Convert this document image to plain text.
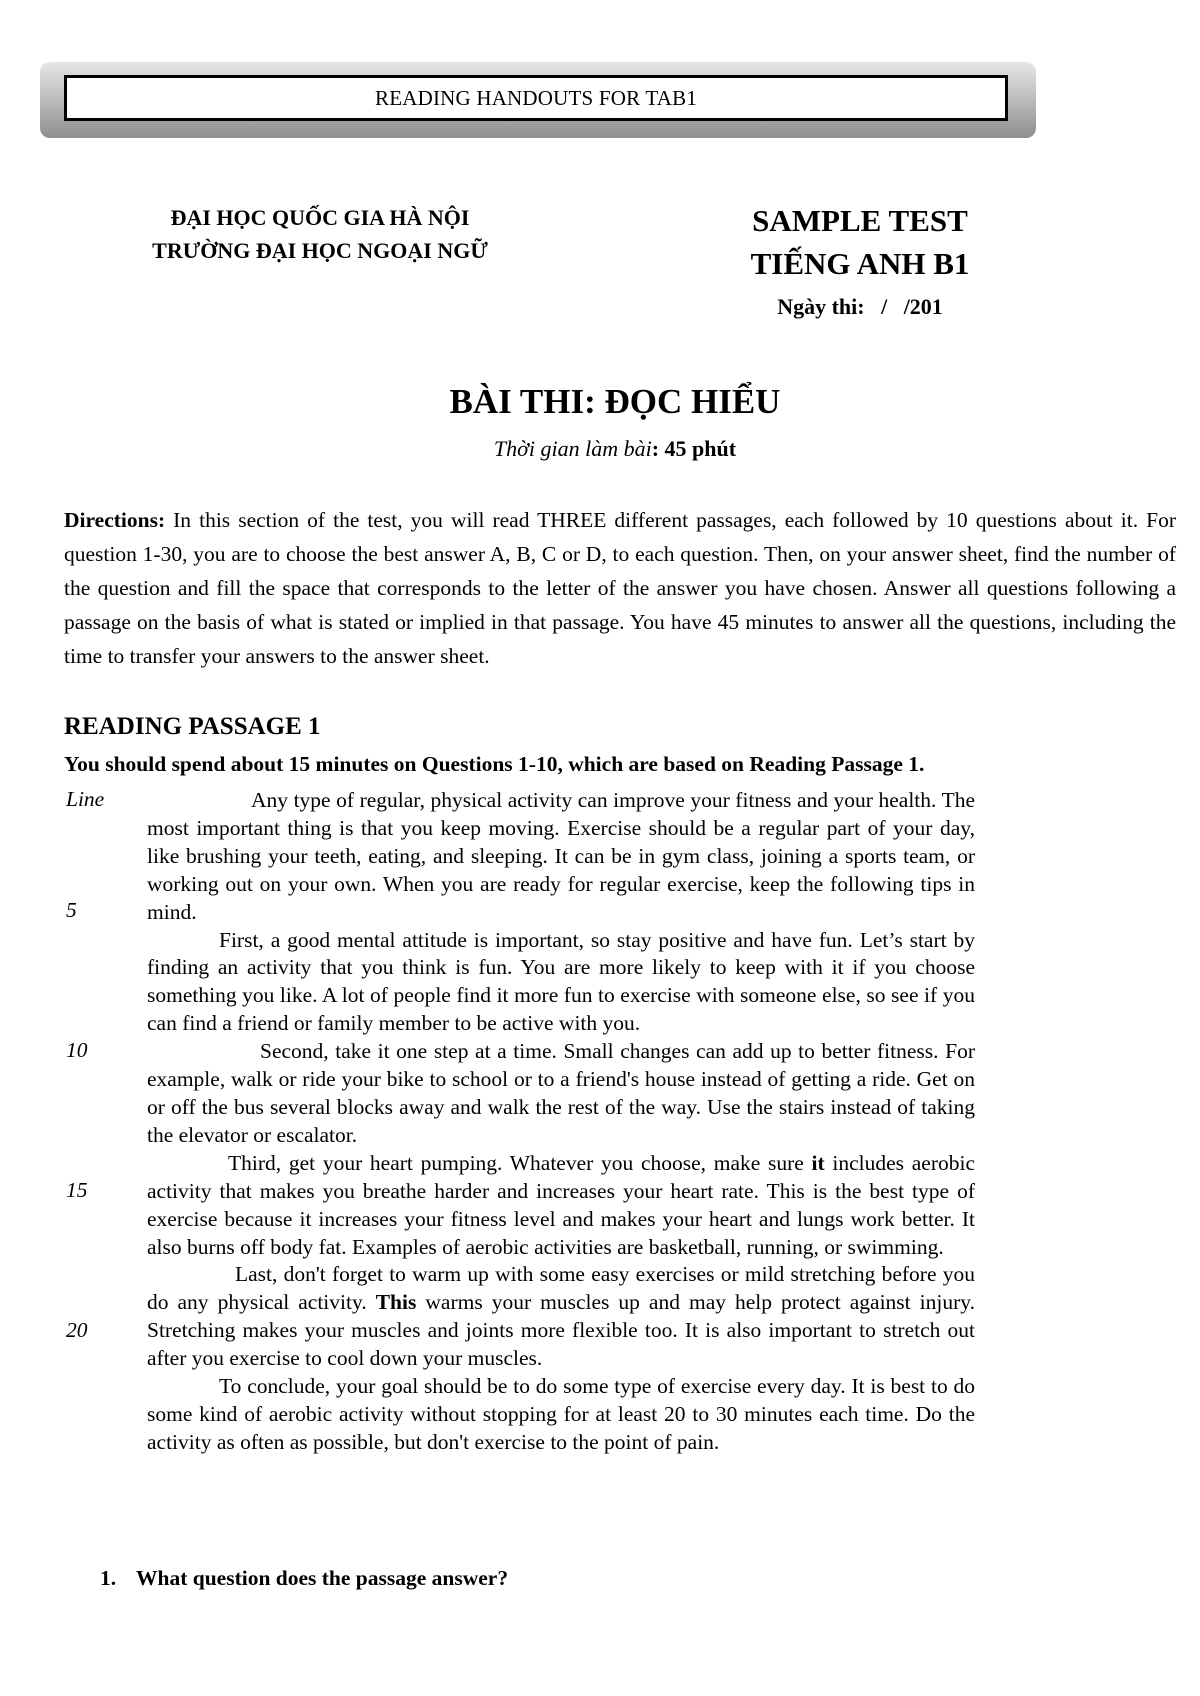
READING HANDOUTS FOR TAB1
ĐẠI HỌC QUỐC GIA HÀ NỘI
TRƯỜNG ĐẠI HỌC NGOẠI NGỮ
SAMPLE TEST
TIẾNG ANH B1
Ngày thi:   /   /201
BÀI THI: ĐỌC HIỂU
Thời gian làm bài: 45 phút
Directions: In this section of the test, you will read THREE different passages, each followed by 10 questions about it. For question 1-30, you are to choose the best answer A, B, C or D, to each question. Then, on your answer sheet, find the number of the question and fill the space that corresponds to the letter of the answer you have chosen. Answer all questions following a passage on the basis of what is stated or implied in that passage. You have 45 minutes to answer all the questions, including the time to transfer your answers to the answer sheet.
READING PASSAGE 1
You should spend about 15 minutes on Questions 1-10, which are based on Reading Passage 1.
Line
5
10
15
20

Any type of regular, physical activity can improve your fitness and your health. The most important thing is that you keep moving. Exercise should be a regular part of your day, like brushing your teeth, eating, and sleeping. It can be in gym class, joining a sports team, or working out on your own. When you are ready for regular exercise, keep the following tips in mind.

First, a good mental attitude is important, so stay positive and have fun. Let’s start by finding an activity that you think is fun. You are more likely to keep with it if you choose something you like. A lot of people find it more fun to exercise with someone else, so see if you can find a friend or family member to be active with you.

Second, take it one step at a time. Small changes can add up to better fitness. For example, walk or ride your bike to school or to a friend's house instead of getting a ride. Get on or off the bus several blocks away and walk the rest of the way. Use the stairs instead of taking the elevator or escalator.

Third, get your heart pumping. Whatever you choose, make sure it includes aerobic activity that makes you breathe harder and increases your heart rate. This is the best type of exercise because it increases your fitness level and makes your heart and lungs work better. It also burns off body fat. Examples of aerobic activities are basketball, running, or swimming.

Last, don't forget to warm up with some easy exercises or mild stretching before you do any physical activity. This warms your muscles up and may help protect against injury. Stretching makes your muscles and joints more flexible too. It is also important to stretch out after you exercise to cool down your muscles.

To conclude, your goal should be to do some type of exercise every day. It is best to do some kind of aerobic activity without stopping for at least 20 to 30 minutes each time. Do the activity as often as possible, but don't exercise to the point of pain.

1. What question does the passage answer?
